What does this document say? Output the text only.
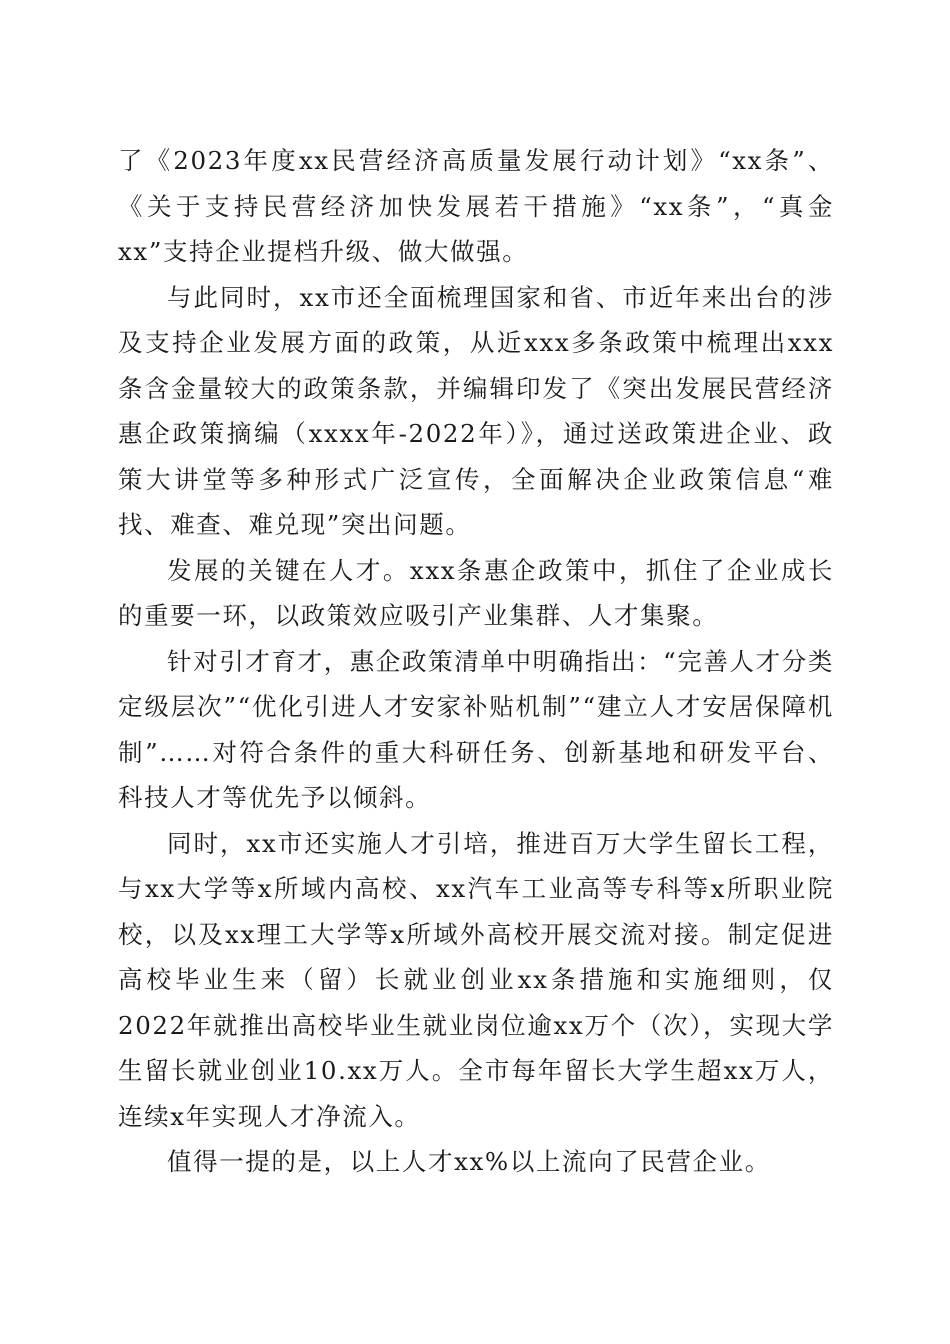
了《2023年度xx民营经济高质量发展行动计划》“xx条”、《关于支持民营经济加快发展若干措施》“xx条”，“真金xx”支持企业提档升级、做大做强。

与此同时，xx市还全面梳理国家和省、市近年来出台的涉及支持企业发展方面的政策，从近xxx多条政策中梳理出xxx条含金量较大的政策条款，并编辑印发了《突出发展民营经济惠企政策摘编（xxxx年-2022年）》，通过送政策进企业、政策大讲堂等多种形式广泛宣传，全面解决企业政策信息“难找、难查、难兑现”突出问题。

发展的关键在人才。xxx条惠企政策中，抓住了企业成长的重要一环，以政策效应吸引产业集群、人才集聚。

针对引才育才，惠企政策清单中明确指出：“完善人才分类定级层次”“优化引进人才安家补贴机制”“建立人才安居保障机制”……对符合条件的重大科研任务、创新基地和研发平台、科技人才等优先予以倾斜。

同时，xx市还实施人才引培，推进百万大学生留长工程，与xx大学等x所域内高校、xx汽车工业高等专科等x所职业院校，以及xx理工大学等x所域外高校开展交流对接。制定促进高校毕业生来（留）长就业创业xx条措施和实施细则，仅2022年就推出高校毕业生就业岗位逾xx万个（次），实现大学生留长就业创业10.xx万人。全市每年留长大学生超xx万人，连续x年实现人才净流入。

值得一提的是，以上人才xx%以上流向了民营企业。
